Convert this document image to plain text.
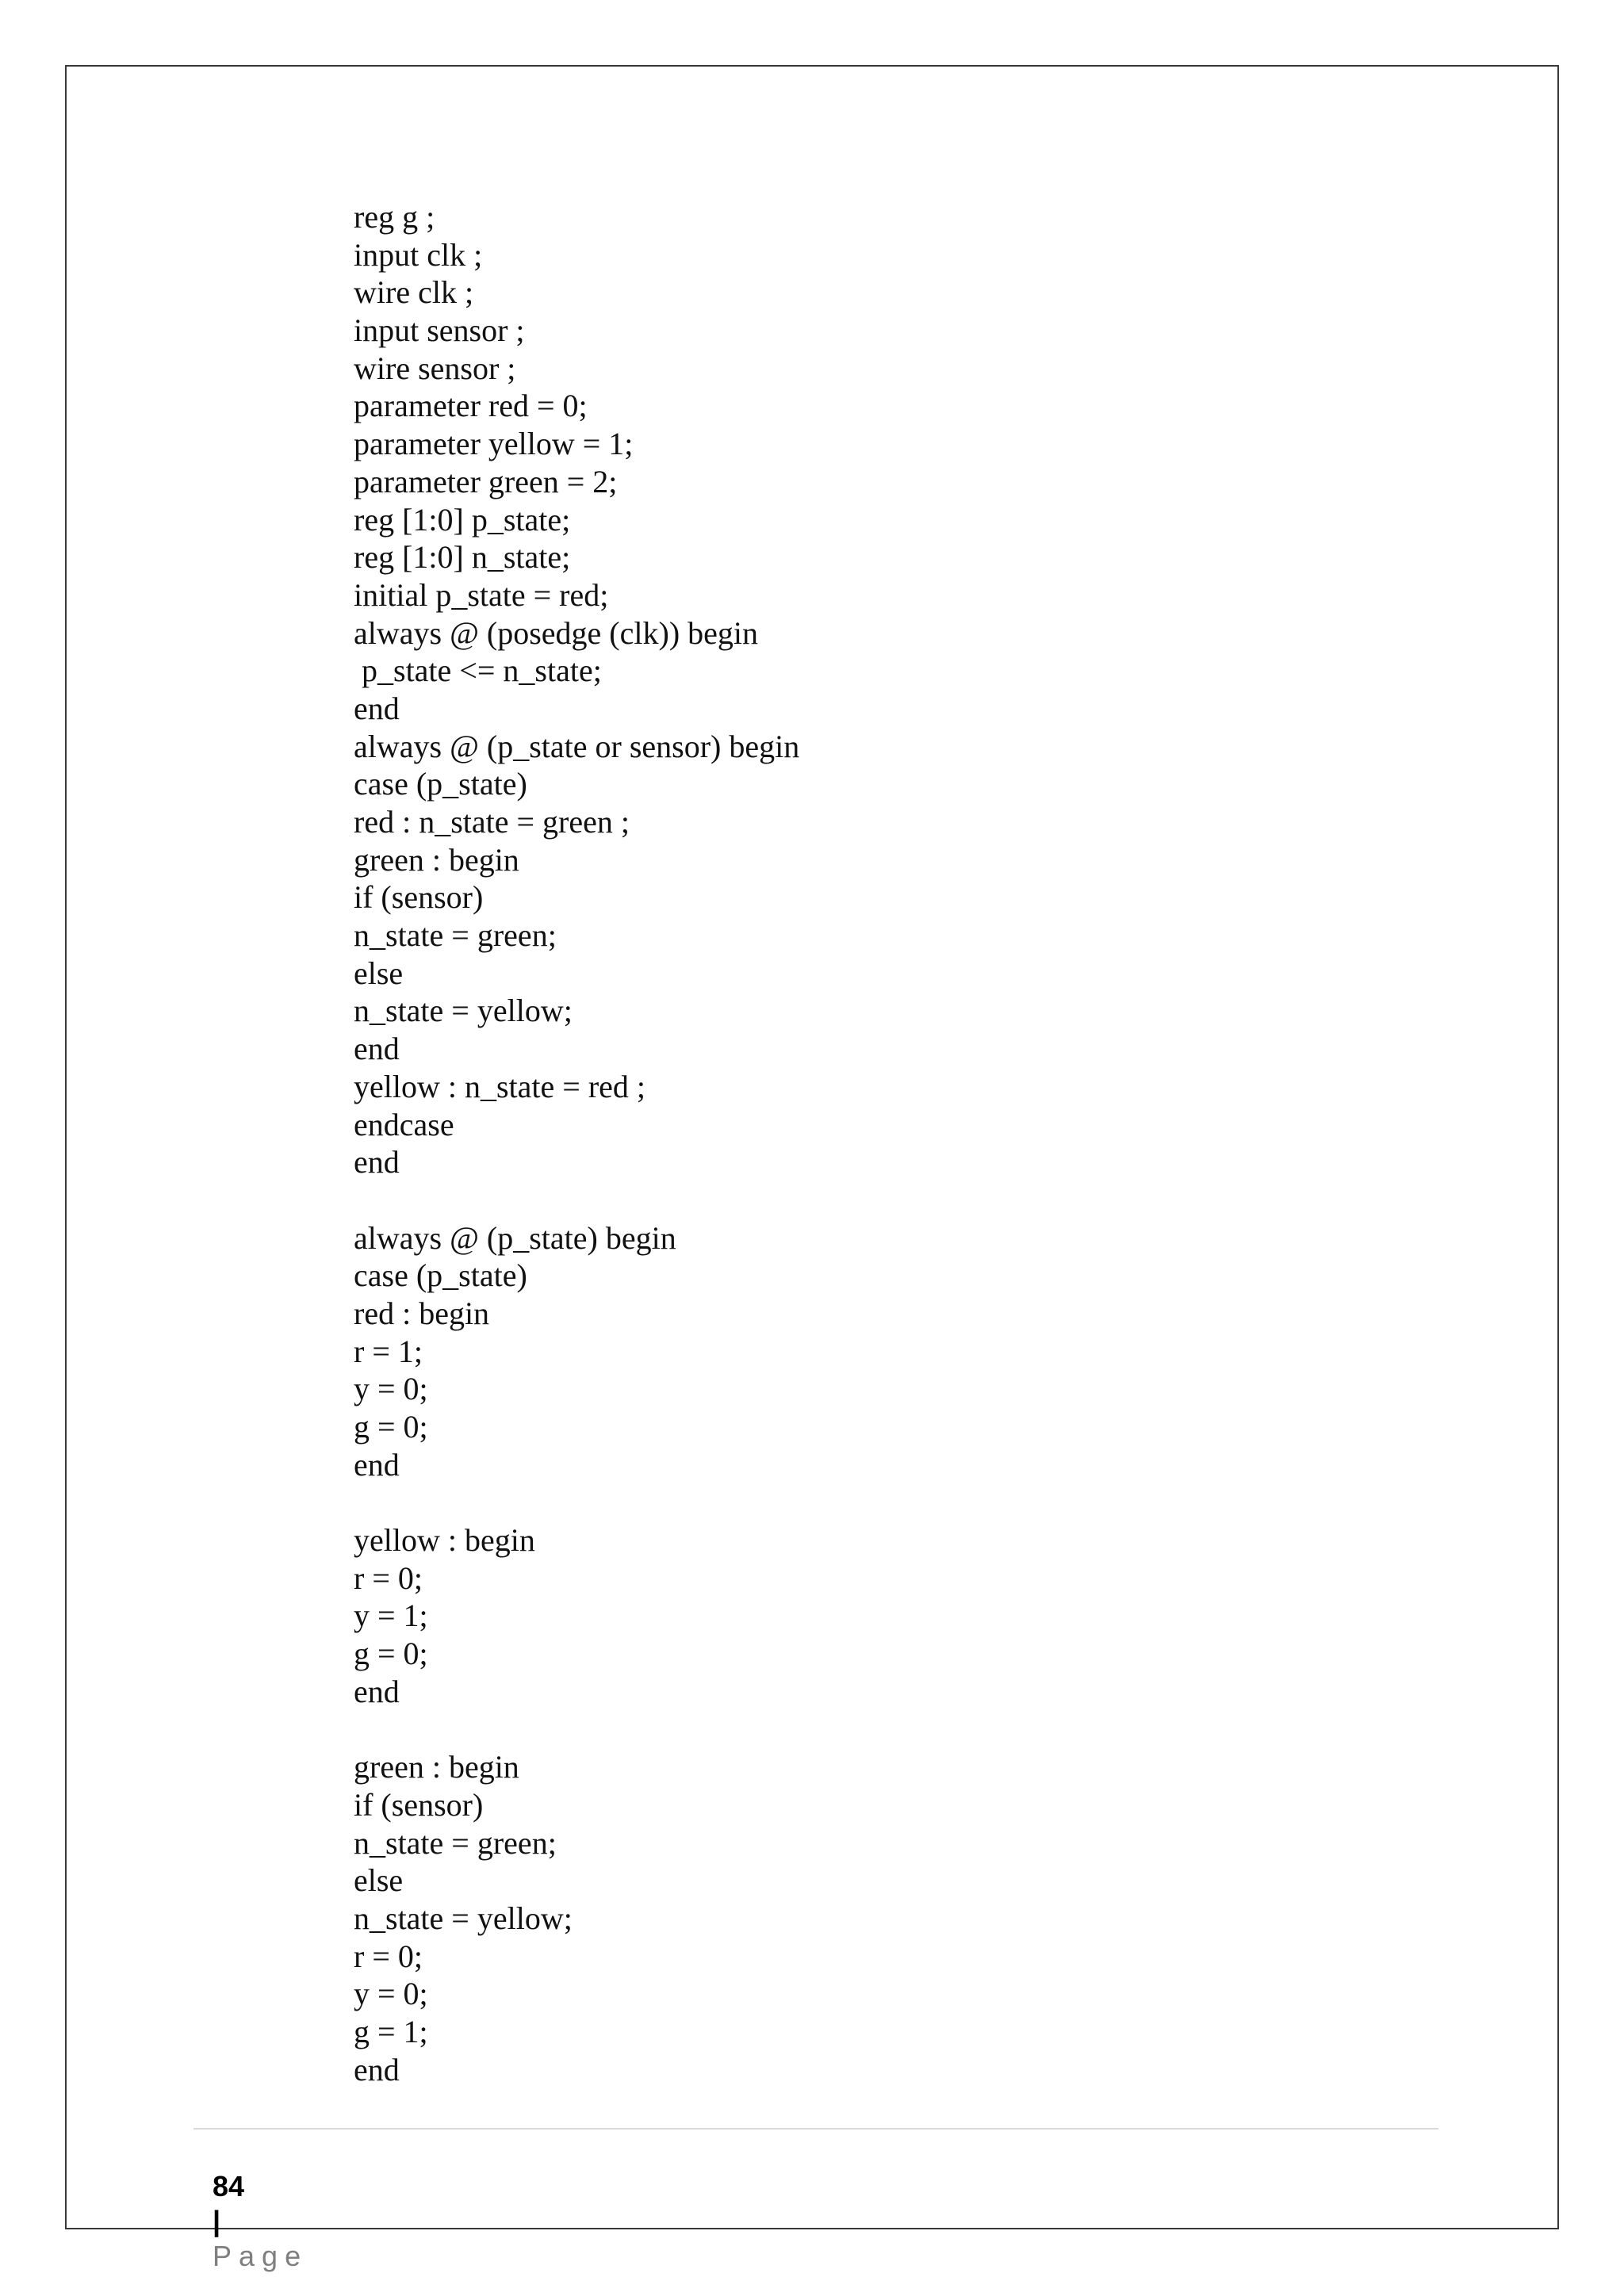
reg g ;
input clk ;
wire clk ;
input sensor ;
wire sensor ;
parameter red = 0;
parameter yellow = 1;
parameter green = 2;
reg [1:0] p_state;
reg [1:0] n_state;
initial p_state = red;
always @ (posedge (clk)) begin
p_state <= n_state;
end
always @ (p_state or sensor) begin
case (p_state)
red : n_state = green ;
green : begin
if (sensor)
n_state = green;
else
n_state = yellow;
end
yellow : n_state = red ;
endcase
end
always @ (p_state) begin
case (p_state)
red : begin
r = 1;
y = 0;
g = 0;
end
yellow : begin
r = 0;
y = 1;
g = 0;
end
green : begin
if (sensor)
n_state = green;
else
n_state = yellow;
r = 0;
y = 0;
g = 1;
end

84
|
Page
